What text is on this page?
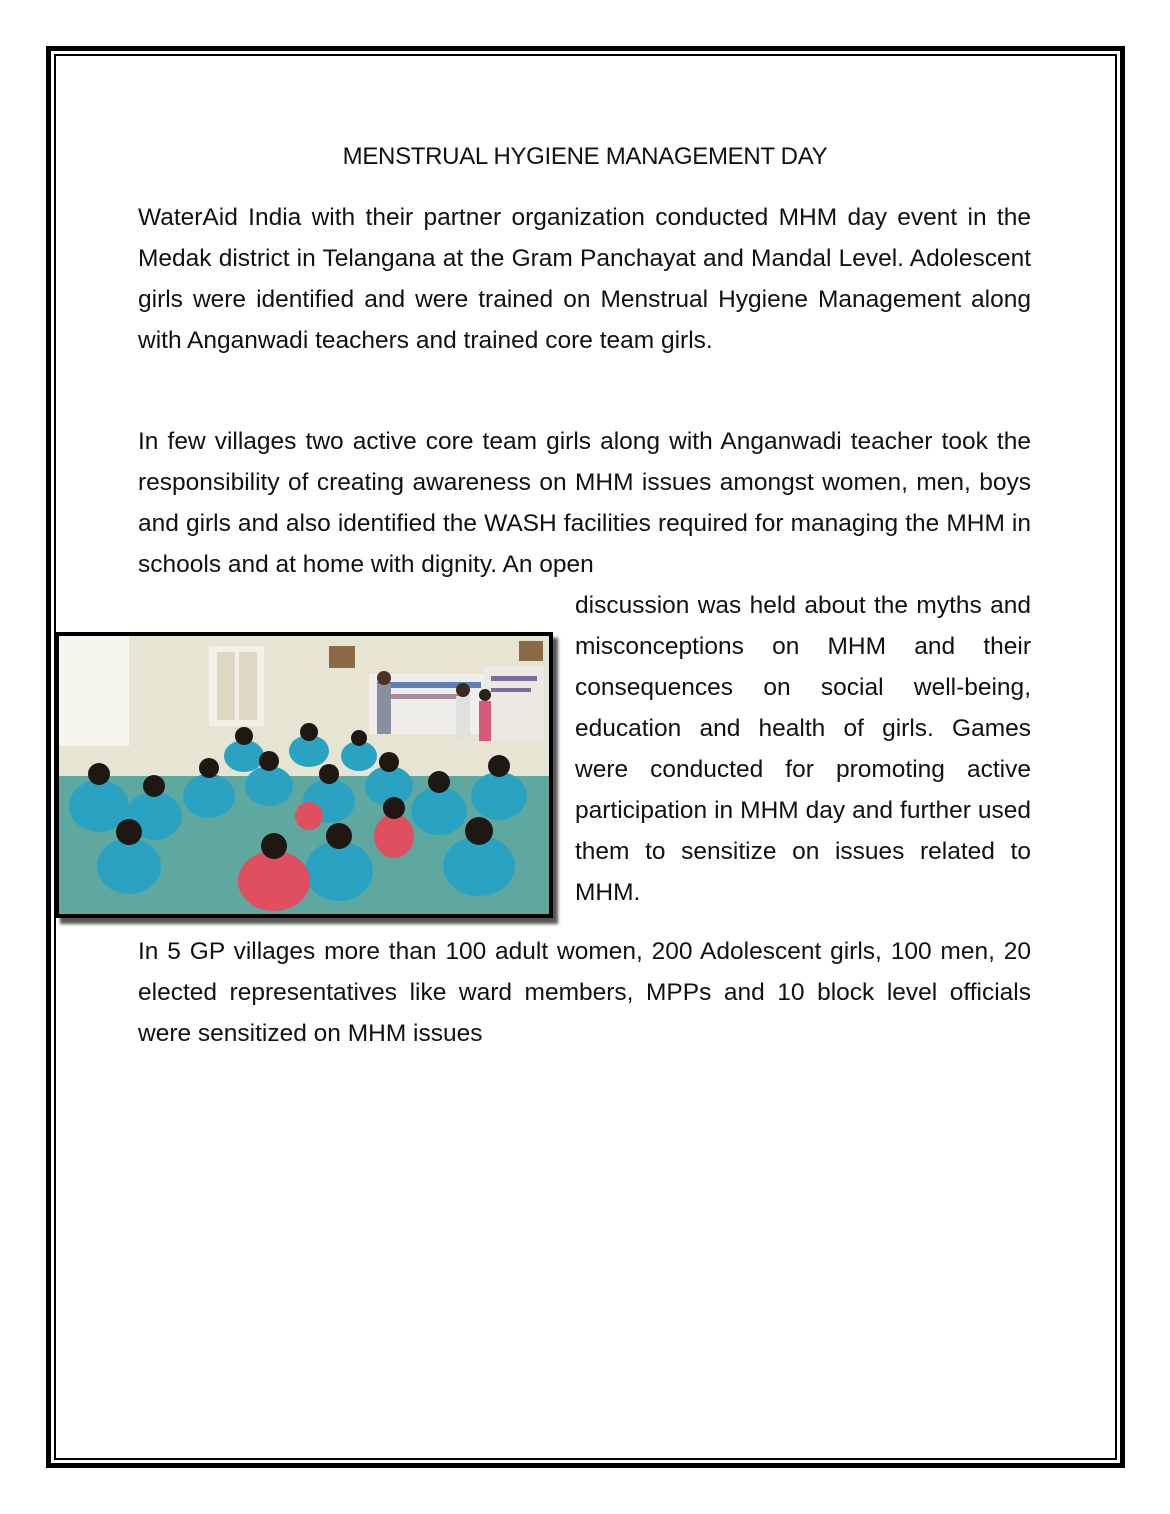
MENSTRUAL HYGIENE MANAGEMENT DAY

WaterAid India with their partner organization conducted MHM day event in the Medak district in Telangana at the Gram Panchayat and Mandal Level. Adolescent girls were identified and were trained on Menstrual Hygiene Management along with Anganwadi teachers and trained core team girls.

In few villages two active core team girls along with Anganwadi teacher took the responsibility of creating awareness on MHM issues amongst women, men, boys and girls and also identified the WASH facilities required for managing the MHM in schools and at home with dignity. An open

discussion was held about the myths and misconceptions on MHM and their consequences on social well-being, education and health of girls. Games were conducted for promoting active participation in MHM day and further used them to sensitize on issues related to MHM.

In 5 GP villages more than 100 adult women, 200 Adolescent girls, 100 men, 20 elected representatives like ward members, MPPs and 10 block level officials were sensitized on MHM issues
